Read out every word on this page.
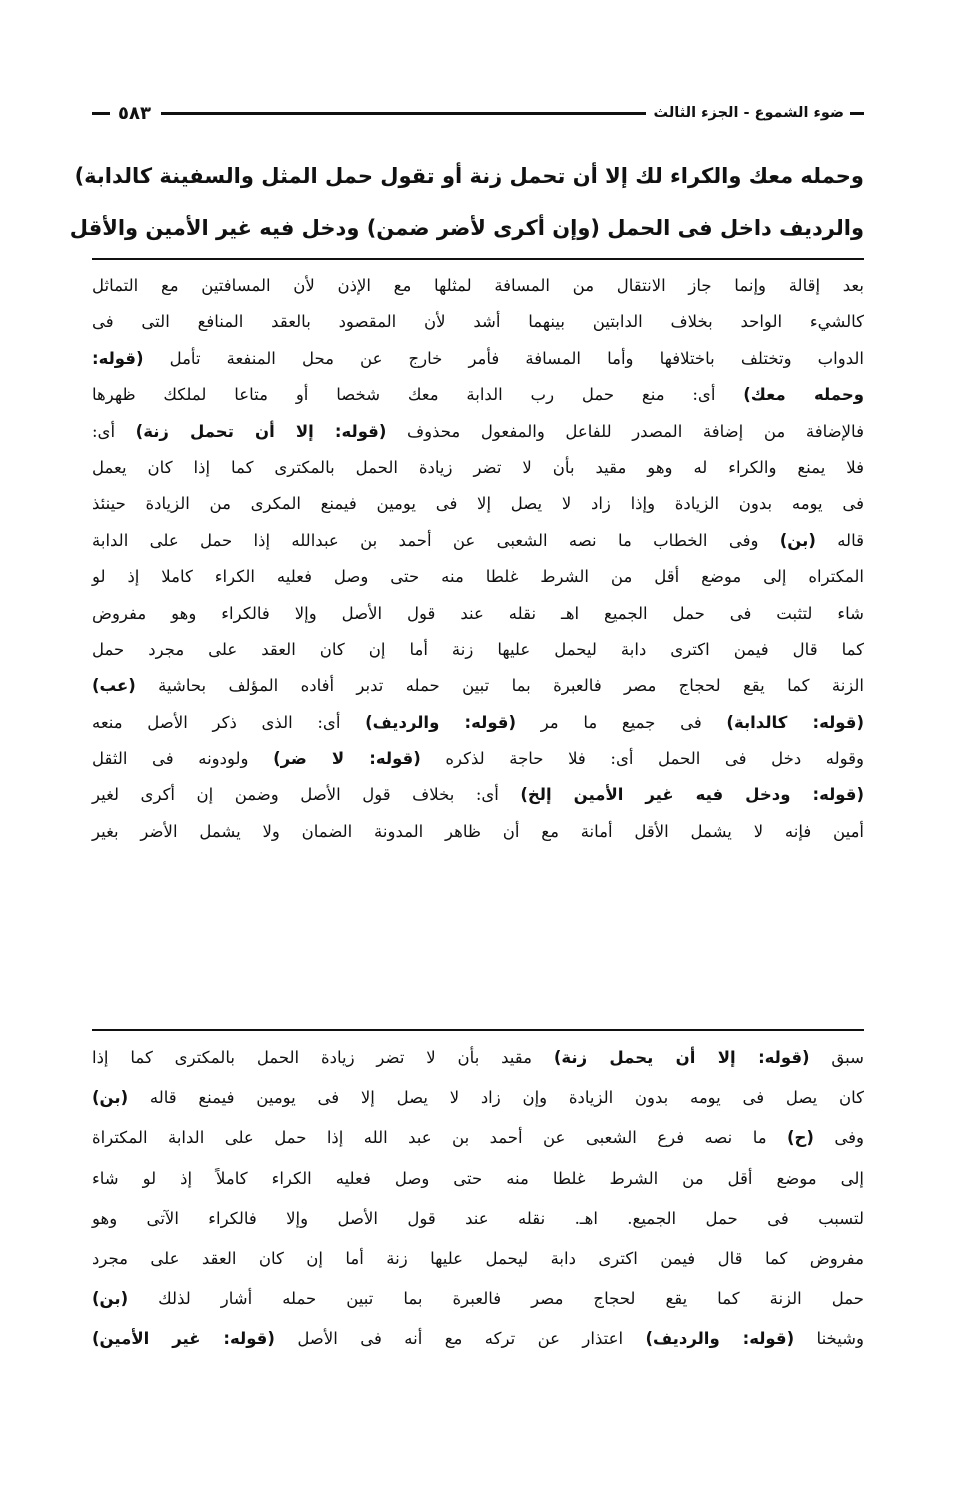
ضوء الشموع - الجزء الثالث
٥٨٣
وحمله معك والكراء لك إلا أن تحمل زنة أو تقول حمل المثل والسفينة كالدابة)
والرديف داخل فى الحمل (وإن أكرى لأضر ضمن) ودخل فيه غير الأمين والأقل
بعد إقالة وإنما جاز الانتقال من المسافة لمثلها مع الإذن لأن المسافتين مع التماثل
كالشيء الواحد بخلاف الدابتين بينهما أشد لأن المقصود بالعقد المنافع التى فى
الدواب وتختلف باختلافها وأما المسافة فأمر خارج عن محل المنفعة تأمل (قوله:
وحمله معك) أى: منع حمل رب الدابة معك شخصا أو متاعا لملكك ظهرها
فالإضافة من إضافة المصدر للفاعل والمفعول محذوف (قوله: إلا أن تحمل زنة) أى:
فلا يمنع والكراء له وهو مقيد بأن لا تضر زيادة الحمل بالمكترى كما إذا كان يعمل
فى يومه بدون الزيادة وإذا زاد لا يصل إلا فى يومين فيمنع المكرى من الزيادة حينئذ
قاله (بن) وفى الخطاب ما نصه الشعبى عن أحمد بن عبدالله إذا حمل على الدابة
المكتراه إلى موضع أقل من الشرط غلطا منه حتى وصل فعليه الكراء كاملا إذ لو
شاء لتثبت فى حمل الجميع اهـ نقله عند قول الأصل وإلا فالكراء وهو مفروض
كما قال فيمن اكترى دابة ليحمل عليها زنة أما إن كان العقد على مجرد حمل
الزنة كما يقع لحجاج مصر فالعبرة بما تبين حمله تدبر أفاده المؤلف بحاشية (عب)
(قوله: كالدابة) فى جميع ما مر (قوله: والرديف) أى: الذى ذكر الأصل منعه
وقوله دخل فى الحمل أى: فلا حاجة لذكره (قوله: لا ضر) ولودونه فى الثقل
(قوله: ودخل فيه غير الأمين إلخ) أى: بخلاف قول الأصل وضمن إن أكرى لغير
أمين فإنه لا يشمل الأقل أمانة مع أن ظاهر المدونة الضمان ولا يشمل الأضر بغير
سبق (قوله: إلا أن يحمل زنة) مقيد بأن لا تضر زيادة الحمل بالمكترى كما إذا
كان يصل فى يومه بدون الزيادة وإن زاد لا يصل إلا فى يومين فيمنع قاله (بن)
وفى (ح) ما نصه فرع الشعبى عن أحمد بن عبد الله إذا حمل على الدابة المكتراة
إلى موضع أقل من الشرط غلطا منه حتى وصل فعليه الكراء كاملاً إذ لو شاء
لتسبب فى حمل الجميع. اهـ. نقله عند قول الأصل وإلا فالكراء الآتى وهو
مفروض كما قال فيمن اكترى دابة ليحمل عليها زنة أما إن كان العقد على مجرد
حمل الزنة كما يقع لحجاج مصر فالعبرة بما تبين حمله أشار لذلك (بن)
وشيخنا (قوله: والرديف) اعتذار عن تركه مع أنه فى الأصل (قوله: غير الأمين)
